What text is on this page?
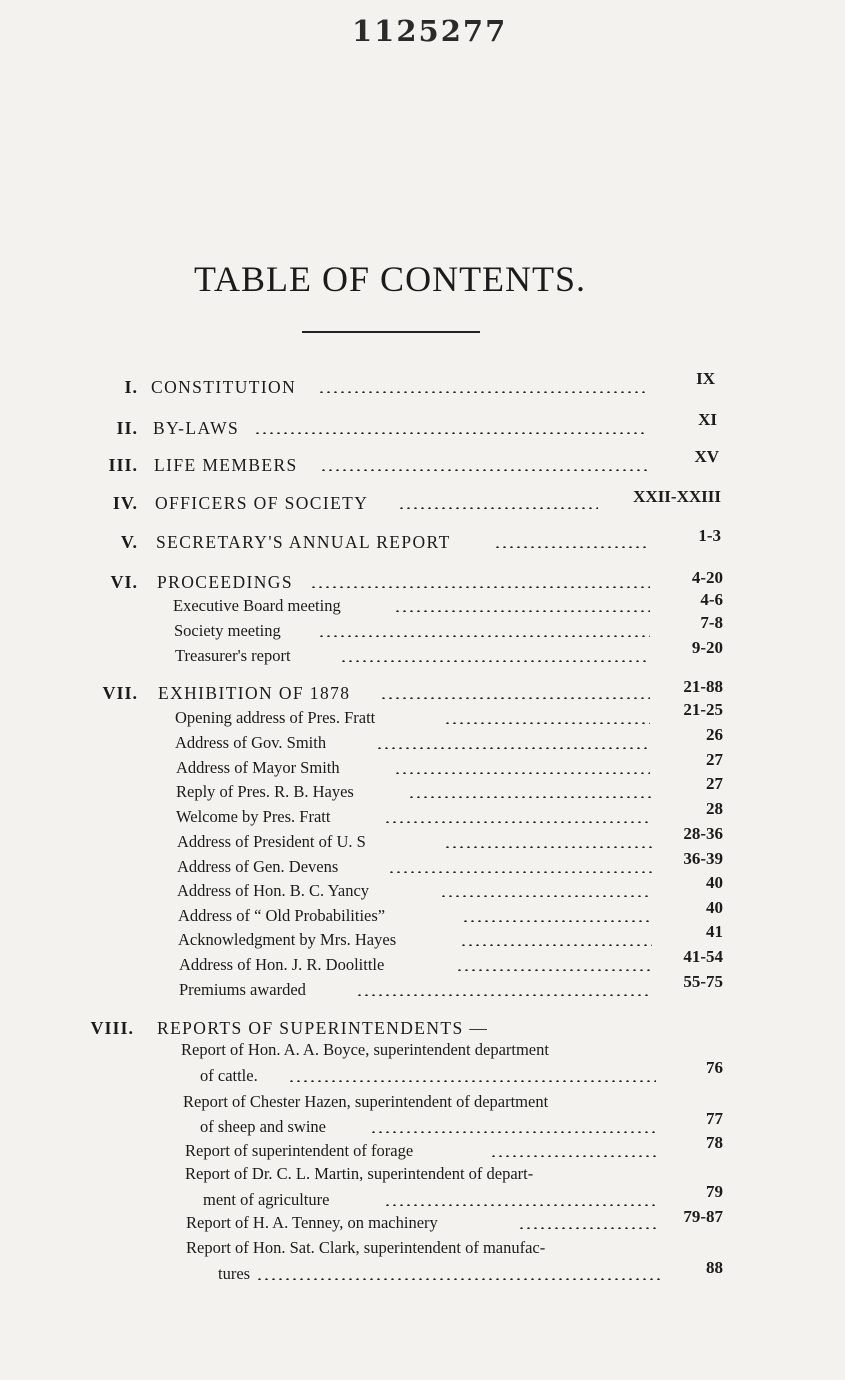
1125277
TABLE OF CONTENTS.
I. CONSTITUTION	IX
II. BY-LAWS	XI
III. LIFE MEMBERS	XV
IV. OFFICERS OF SOCIETY	XXII-XXIII
V. SECRETARY'S ANNUAL REPORT	1-3
VI. PROCEEDINGS	4-20
Executive Board meeting	4-6
Society meeting	7-8
Treasurer's report	9-20
VII. EXHIBITION OF 1878	21-88
Opening address of Pres. Fratt	21-25
Address of Gov. Smith	26
Address of Mayor Smith	27
Reply of Pres. R. B. Hayes	27
Welcome by Pres. Fratt	28
Address of President of U. S	28-36
Address of Gen. Devens	36-39
Address of Hon. B. C. Yancy	40
Address of “ Old Probabilities”	40
Acknowledgment by Mrs. Hayes	41
Address of Hon. J. R. Doolittle	41-54
Premiums awarded	55-75
VIII. REPORTS OF SUPERINTENDENTS —
Report of Hon. A. A. Boyce, superintendent department
of cattle.	76
Report of Chester Hazen, superintendent of department
of sheep and swine	77
Report of superintendent of forage	78
Report of Dr. C. L. Martin, superintendent of depart-
ment of agriculture	79
Report of H. A. Tenney, on machinery	79-87
Report of Hon. Sat. Clark, superintendent of manufac-
tures	88
